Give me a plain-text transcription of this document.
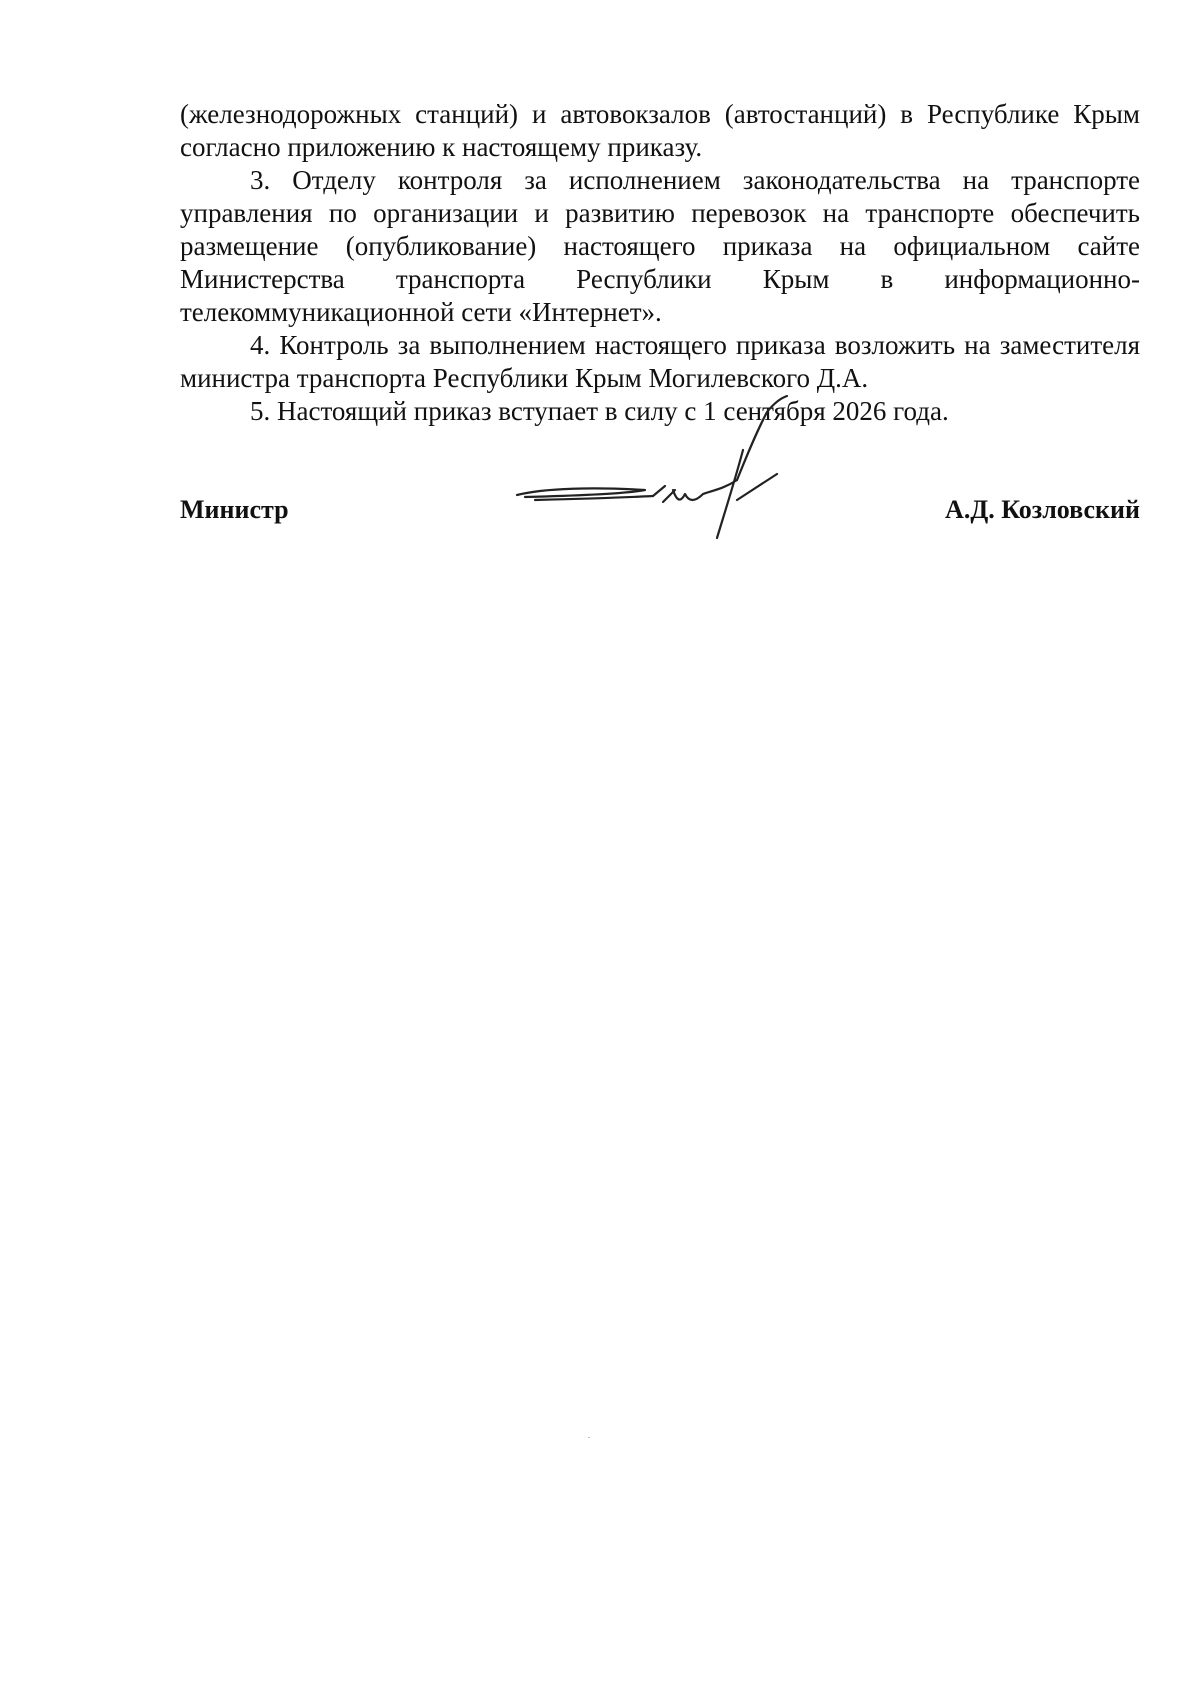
(железнодорожных станций) и автовокзалов (автостанций) в Республике Крым согласно приложению к настоящему приказу.

3. Отделу контроля за исполнением законодательства на транспорте управления по организации и развитию перевозок на транспорте обеспечить размещение (опубликование) настоящего приказа на официальном сайте Министерства транспорта Республики Крым в информационно-телекоммуникационной сети «Интернет».

4. Контроль за выполнением настоящего приказа возложить на заместителя министра транспорта Республики Крым Могилевского Д.А.

5. Настоящий приказ вступает в силу с 1 сентября 2026 года.

Министр	А.Д. Козловский
